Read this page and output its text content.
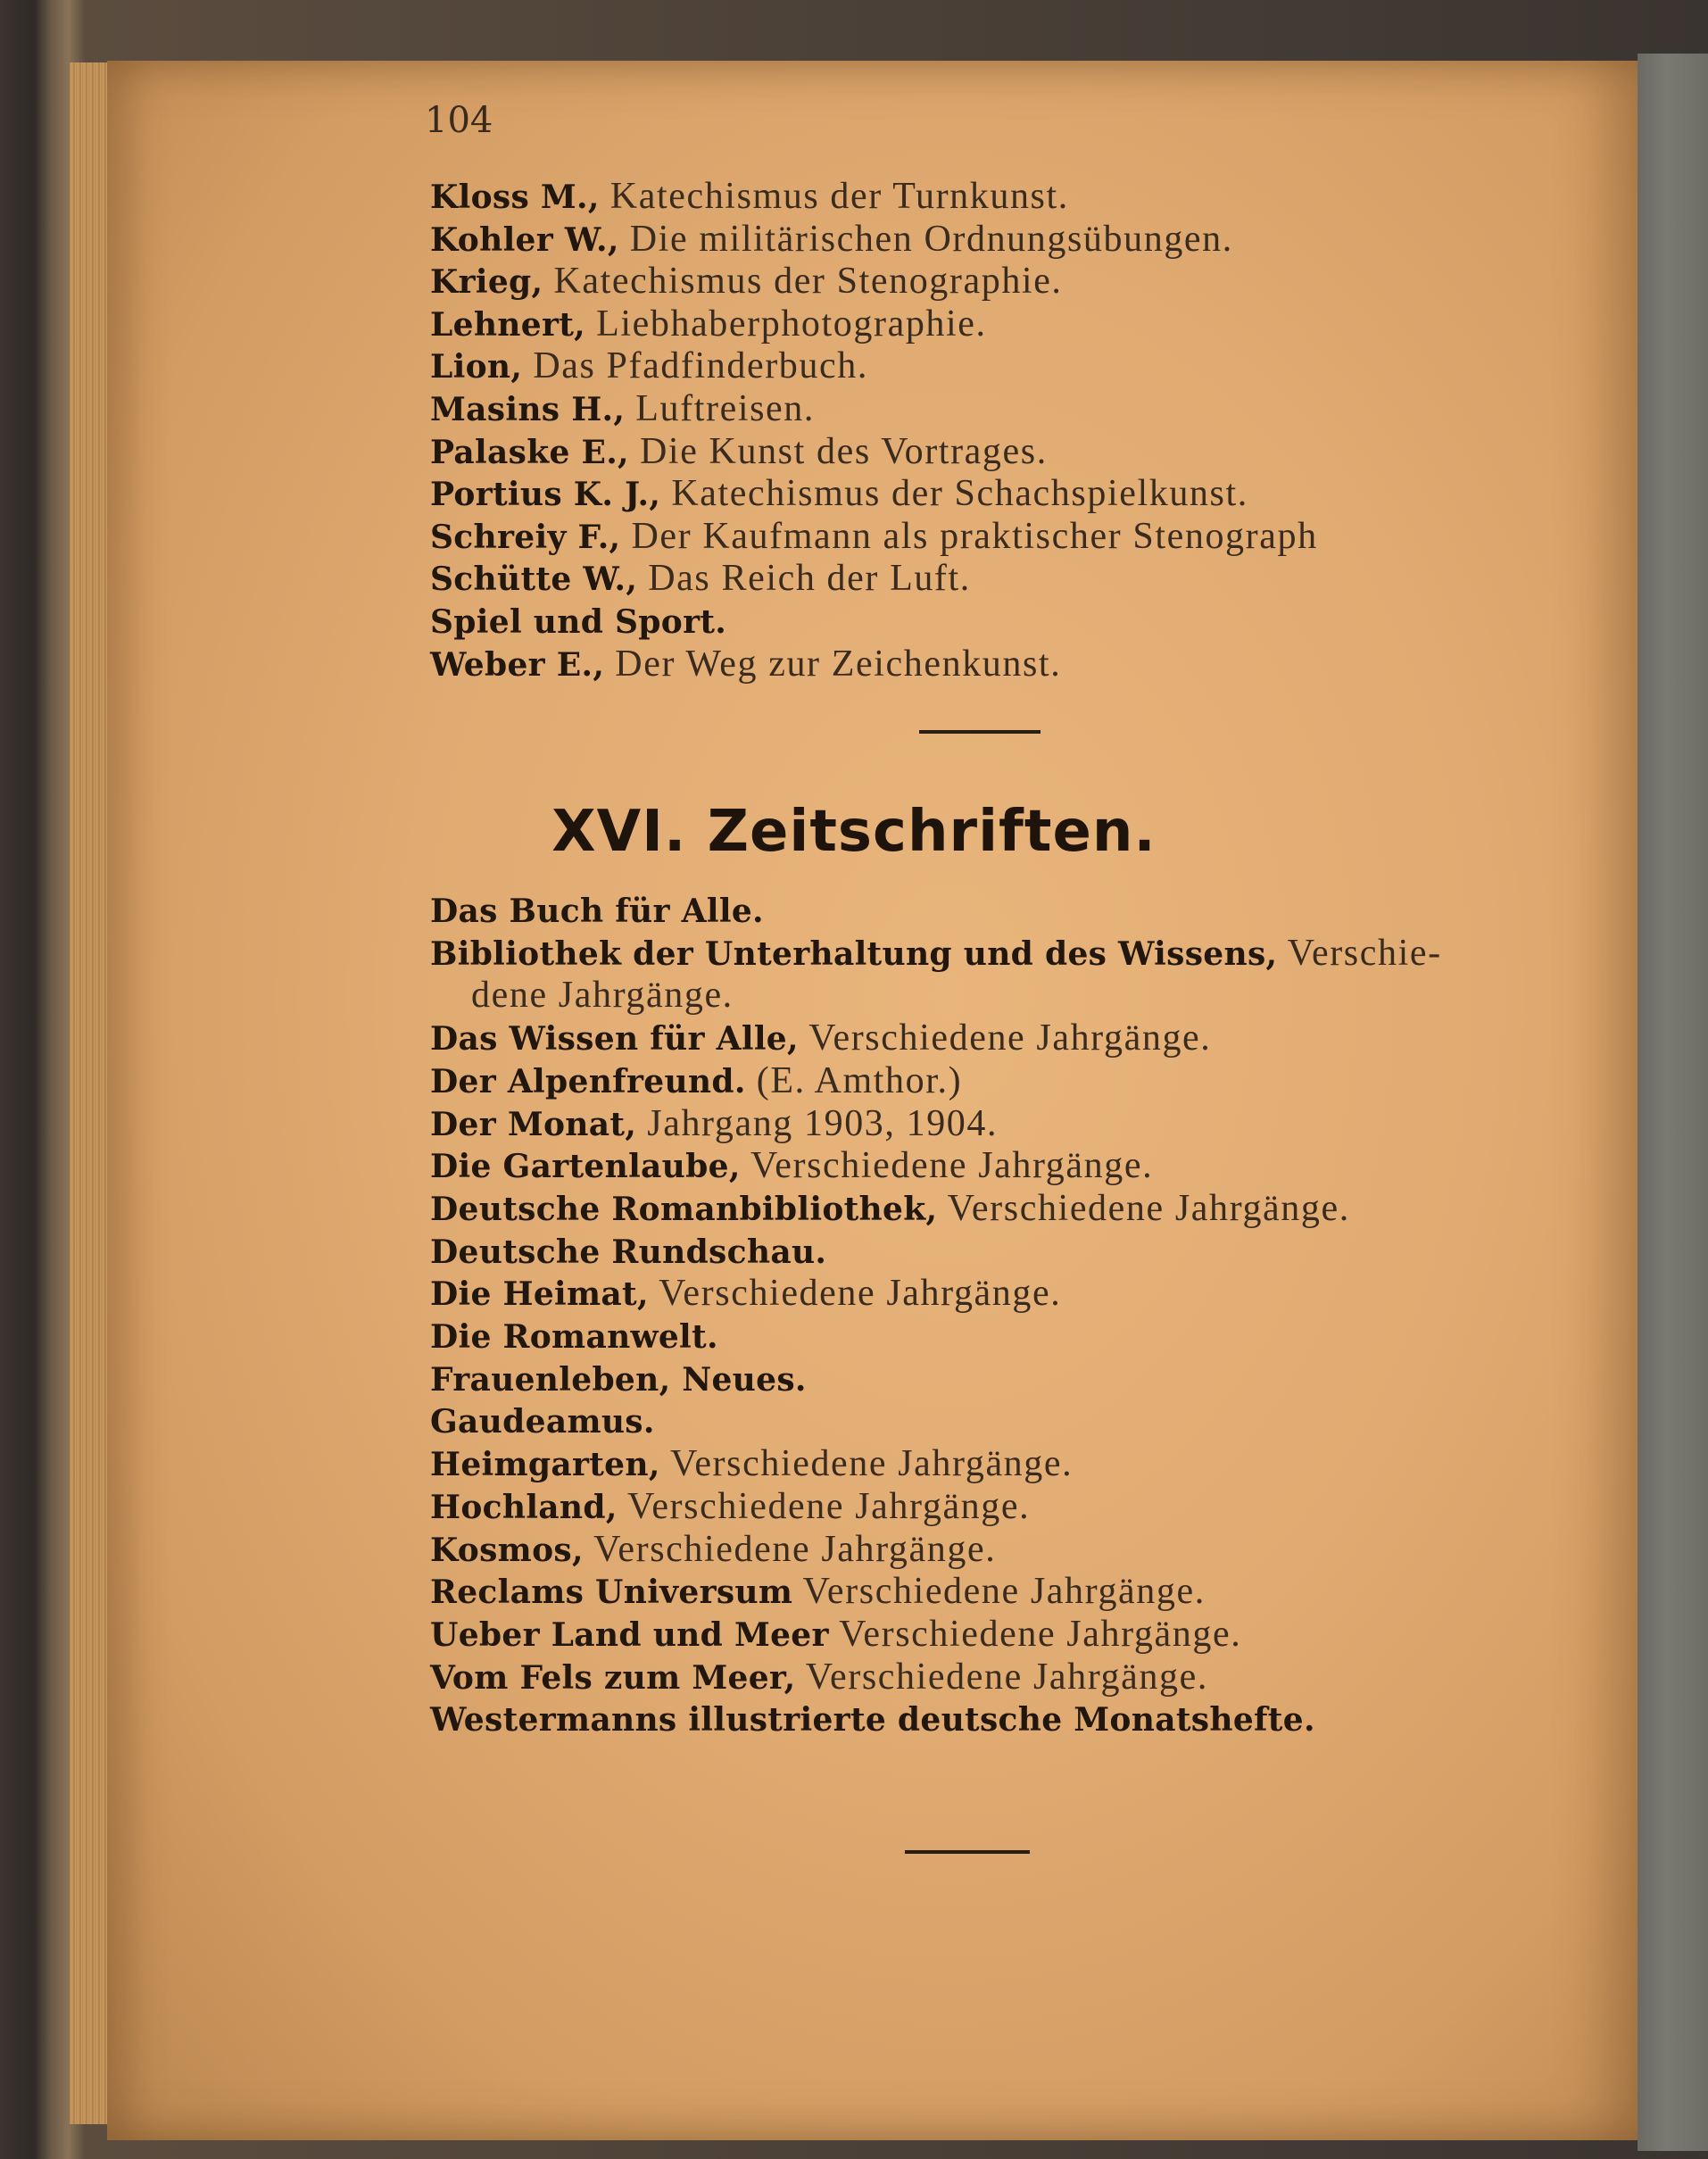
104
Kloss M., Katechismus der Turnkunst.
Kohler W., Die militärischen Ordnungsübungen.
Krieg, Katechismus der Stenographie.
Lehnert, Liebhaberphotographie.
Lion, Das Pfadfinderbuch.
Masins H., Luftreisen.
Palaske E., Die Kunst des Vortrages.
Portius K. J., Katechismus der Schachspielkunst.
Schreiy F., Der Kaufmann als praktischer Stenograph
Schütte W., Das Reich der Luft.
Spiel und Sport.
Weber E., Der Weg zur Zeichenkunst.
XVI. Zeitschriften.
Das Buch für Alle.
Bibliothek der Unterhaltung und des Wissens, Verschie-
dene Jahrgänge.
Das Wissen für Alle, Verschiedene Jahrgänge.
Der Alpenfreund. (E. Amthor.)
Der Monat, Jahrgang 1903, 1904.
Die Gartenlaube, Verschiedene Jahrgänge.
Deutsche Romanbibliothek, Verschiedene Jahrgänge.
Deutsche Rundschau.
Die Heimat, Verschiedene Jahrgänge.
Die Romanwelt.
Frauenleben, Neues.
Gaudeamus.
Heimgarten, Verschiedene Jahrgänge.
Hochland, Verschiedene Jahrgänge.
Kosmos, Verschiedene Jahrgänge.
Reclams Universum Verschiedene Jahrgänge.
Ueber Land und Meer Verschiedene Jahrgänge.
Vom Fels zum Meer, Verschiedene Jahrgänge.
Westermanns illustrierte deutsche Monatshefte.
